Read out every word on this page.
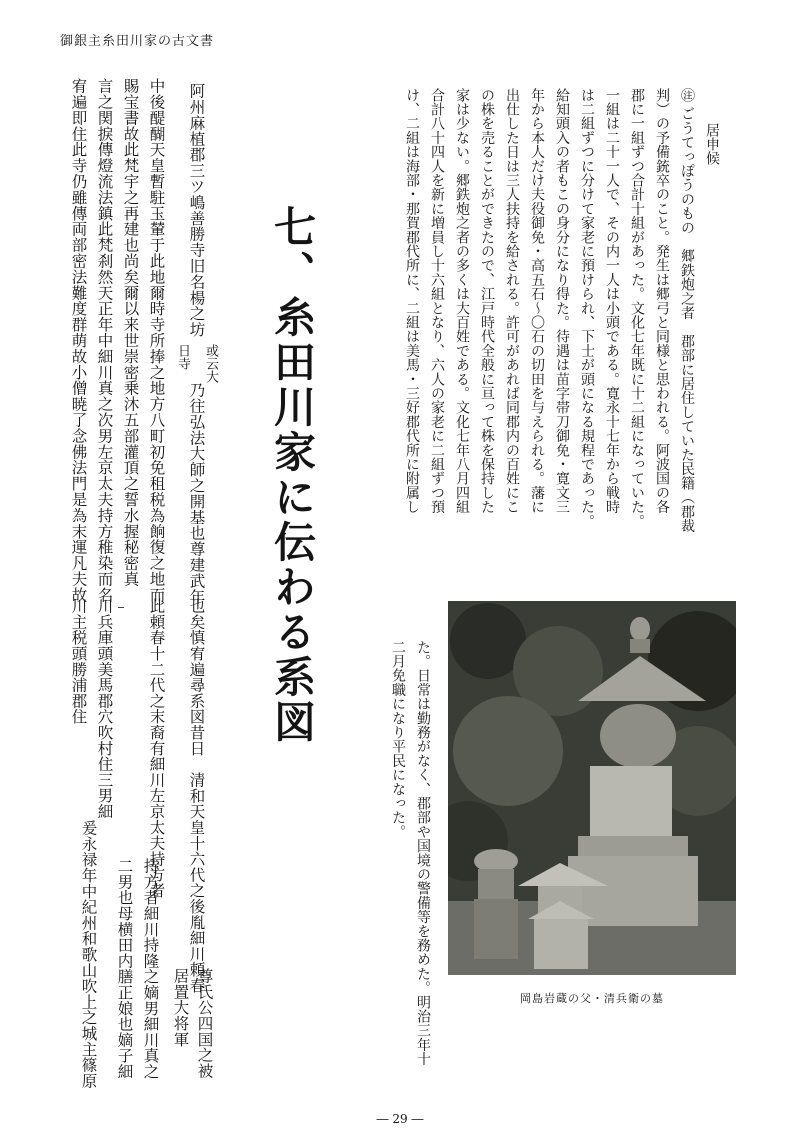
御銀主糸田川家の古文書
居申候
㊟ ごうてっぽうのもの　郷鉄炮之者　郡部に居住していた民籍（郡裁
判）の予備銃卒のこと。発生は郷弓と同様と思われる。阿波国の各
郡に一組ずつ合計十組があった。文化七年既に十二組になっていた。
一組は二十一人で、その内一人は小頭である。寛永十七年から戦時
は二組ずつに分けて家老に預けられ、下士が頭になる規程であった。
給知頭入の者もこの身分になり得た。待遇は苗字帯刀御免・寛文三
年から本人だけ夫役御免・高五石〜〇石の切田を与えられる。藩に
出仕した日は三人扶持を給される。許可があれば同郡内の百姓にこ
の株を売ることができたので、江戸時代全般に亘って株を保持した
家は少ない。郷鉄炮之者の多くは大百姓である。文化七年八月四組
合計八十四人を新に増員し十六組となり、六人の家老に二組ずつ預
け、二組は海部・那賀郡代所に、二組は美馬・三好郡代所に附属し
た。日常は勤務がなく、郡部や国境の警備等を務めた。明治三年十
二月免職になり平民になった。
七、糸田川家に伝わる系図
阿州麻植郡三ツ嶋善勝寺旧名楊之坊
或云大
日寺
乃往弘法大師之開基也尊建武年
中後醍醐天皇暫駐玉輦于此地爾時寺所捧之地方八町初免租税為餉復之地而
賜宝書故此梵宇之再建也尚矣爾以来世崇密乗沐五部灌頂之誓水握秘密真
言之関捩傳燈流法鎮此梵刹然天正年中細川真之次男左京太夫持方稚染而名
宥遍即住此寺仍雖傳両部密法難度群萌故小僧暁了念佛法門是為末運凡夫故
也矣慎宥遍尋系図昔日
清和天皇十六代之後胤細川頼春
尊氏公四国之被
此頼春十二代之末裔有細川左京太夫持方者
居置大将軍
持方者細川持隆之嫡男細川真之
川兵庫頭美馬郡穴吹村住三男細
二男也母横田内膳正娘也嫡子細
川主税頭勝浦郡住
爰永禄年中紀州和歌山吹上之城主篠原	岡島岩蔵の父・清兵衛の墓
― 29 ―
